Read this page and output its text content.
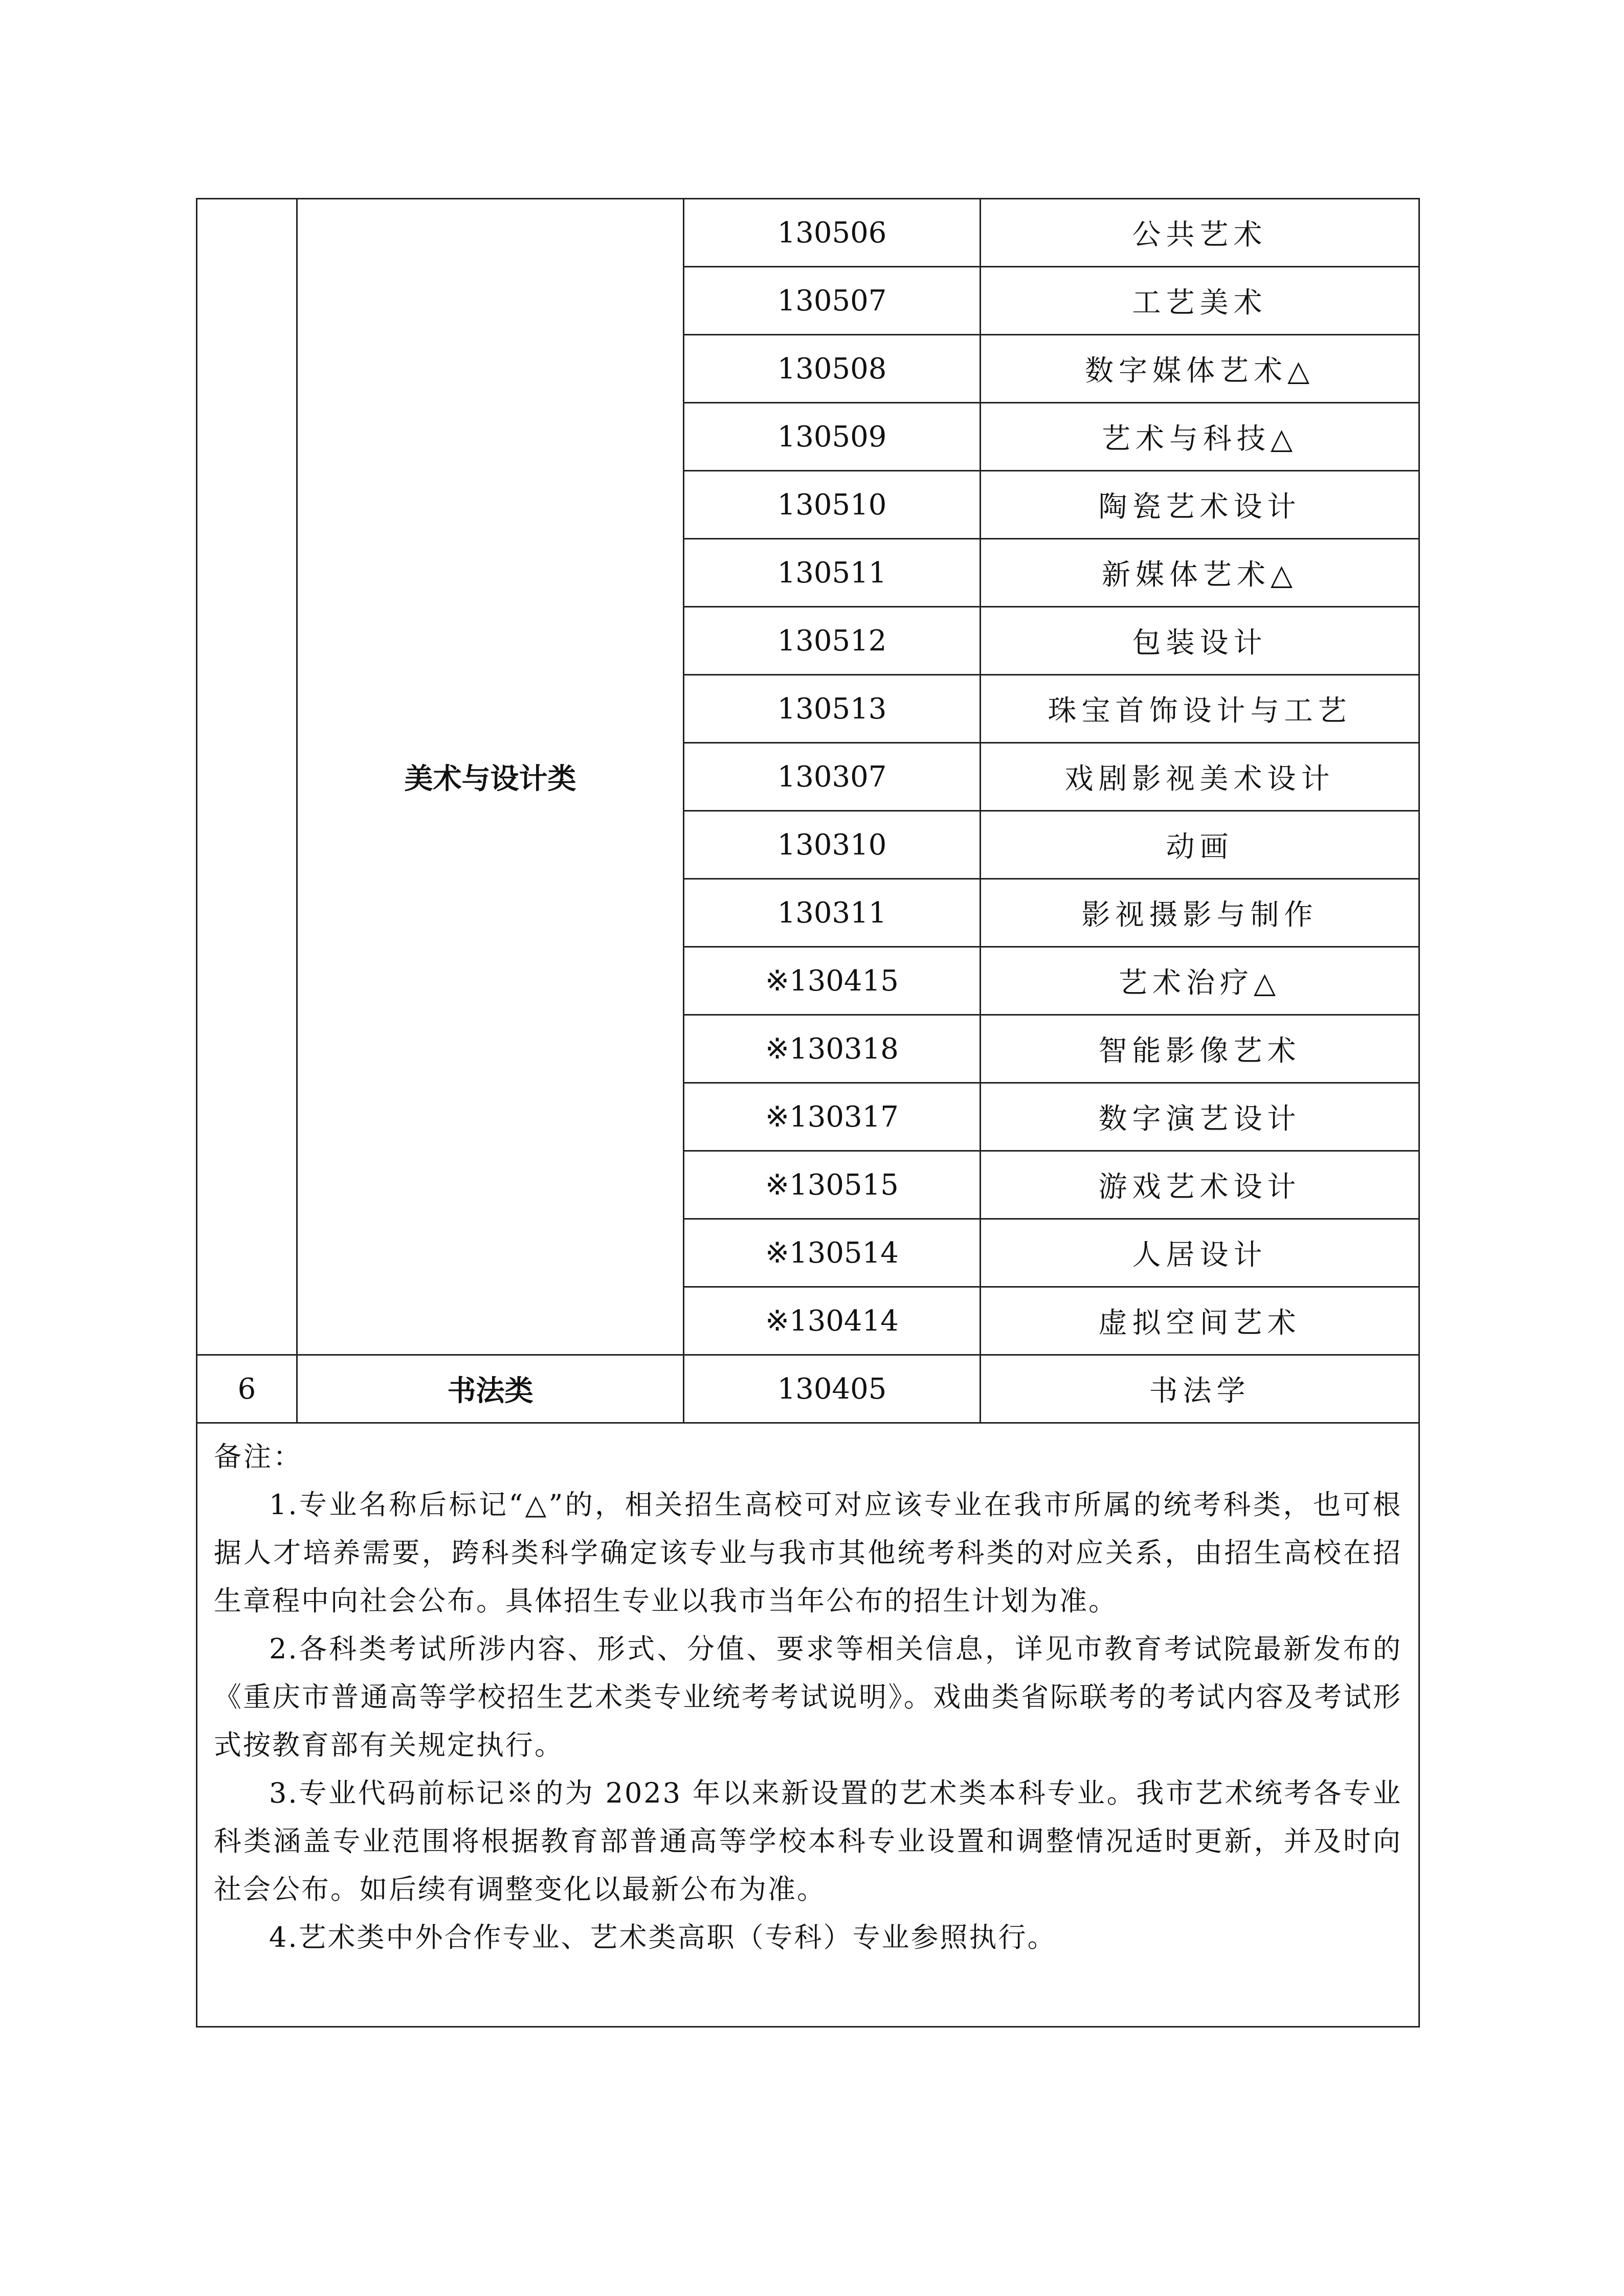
	美术与设计类	130506	公共艺术
		130507	工艺美术
		130508	数字媒体艺术△
		130509	艺术与科技△
		130510	陶瓷艺术设计
		130511	新媒体艺术△
		130512	包装设计
		130513	珠宝首饰设计与工艺
		130307	戏剧影视美术设计
		130310	动画
		130311	影视摄影与制作
		※130415	艺术治疗△
		※130318	智能影像艺术
		※130317	数字演艺设计
		※130515	游戏艺术设计
		※130514	人居设计
		※130414	虚拟空间艺术
6	书法类	130405	书法学

备注：
1.专业名称后标记“△”的，相关招生高校可对应该专业在我市所属的统考科类，也可根据人才培养需要，跨科类科学确定该专业与我市其他统考科类的对应关系，由招生高校在招生章程中向社会公布。具体招生专业以我市当年公布的招生计划为准。
2.各科类考试所涉内容、形式、分值、要求等相关信息，详见市教育考试院最新发布的《重庆市普通高等学校招生艺术类专业统考考试说明》。戏曲类省际联考的考试内容及考试形式按教育部有关规定执行。
3.专业代码前标记※的为 2023 年以来新设置的艺术类本科专业。我市艺术统考各专业科类涵盖专业范围将根据教育部普通高等学校本科专业设置和调整情况适时更新，并及时向社会公布。如后续有调整变化以最新公布为准。
4.艺术类中外合作专业、艺术类高职（专科）专业参照执行。			
